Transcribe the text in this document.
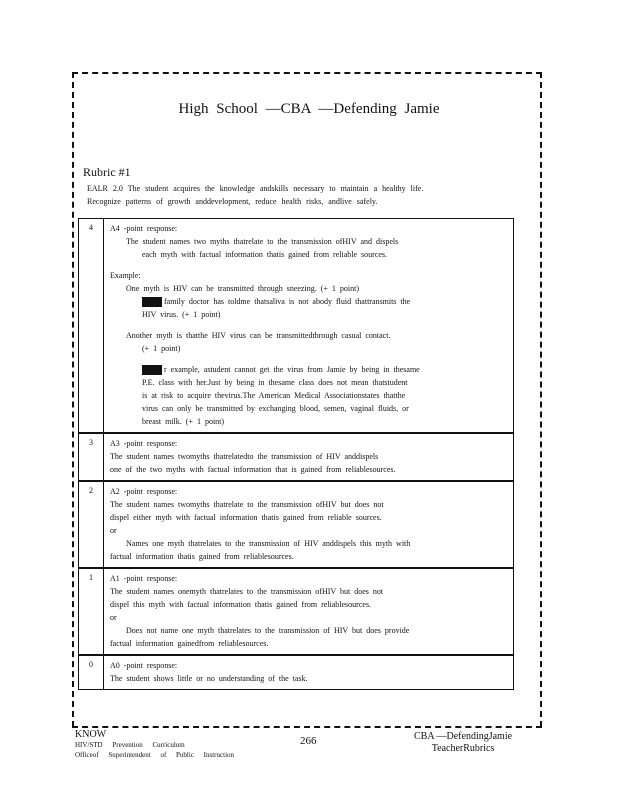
High School —CBA —Defending Jamie
Rubric #1
EALR 2.0 The student acquires the knowledge andskills necessary to maintain a healthy life.
Recognize patterns of growth anddevelopment, reduce health risks, andlive safely.
4	A4 -point response:
The student names two myths thatrelate to the transmission ofHIV and dispels
each myth with factual information thatis gained from reliable sources.
Example:
One myth is HIV can be transmitted through sneezing. (+ 1 point)
family doctor has toldme thatsaliva is not abody fluid thattransmits the
HIV virus. (+ 1 point)
Another myth is thatthe HIV virus can be transmittedthrough casual contact.
(+ 1 point)
r example, astudent cannot get the virus from Jamie by being in thesame
P.E. class with her.Just by being in thesame class does not mean thatstudent
is at risk to acquire thevirus.The American Medical Associationstates thatthe
virus can only be transmitted by exchanging blood, semen, vaginal fluids, or
breast milk. (+ 1 point)
3	A3 -point response:
The student names twomyths thatrelatedto the transmission of HIV anddispels
one of the two myths with factual information that is gained from reliablesources.
2	A2 -point response:
The student names twomyths thatrelate to the transmission ofHIV but does not
dispel either myth with factual information thatis gained from reliable sources.
or
Names one myth thatrelates to the transmission of HIV anddispels this myth with
factual information thatis gained from reliablesources.
1	A1 -point response:
The student names onemyth thatrelates to the transmission ofHIV but does not
dispel this myth with factual information thatis gained from reliablesources.
or
Does not name one myth thatrelates to the transmission of HIV but does provide
factual information gainedfrom reliablesources.
0	A0 -point response:
The student shows little or no understanding of the task.
KNOW
HIV/STD Prevention Curriculum
Officeof Superintendent of Public Instruction
266	CBA —DefendingJamie
TeacherRubrics
